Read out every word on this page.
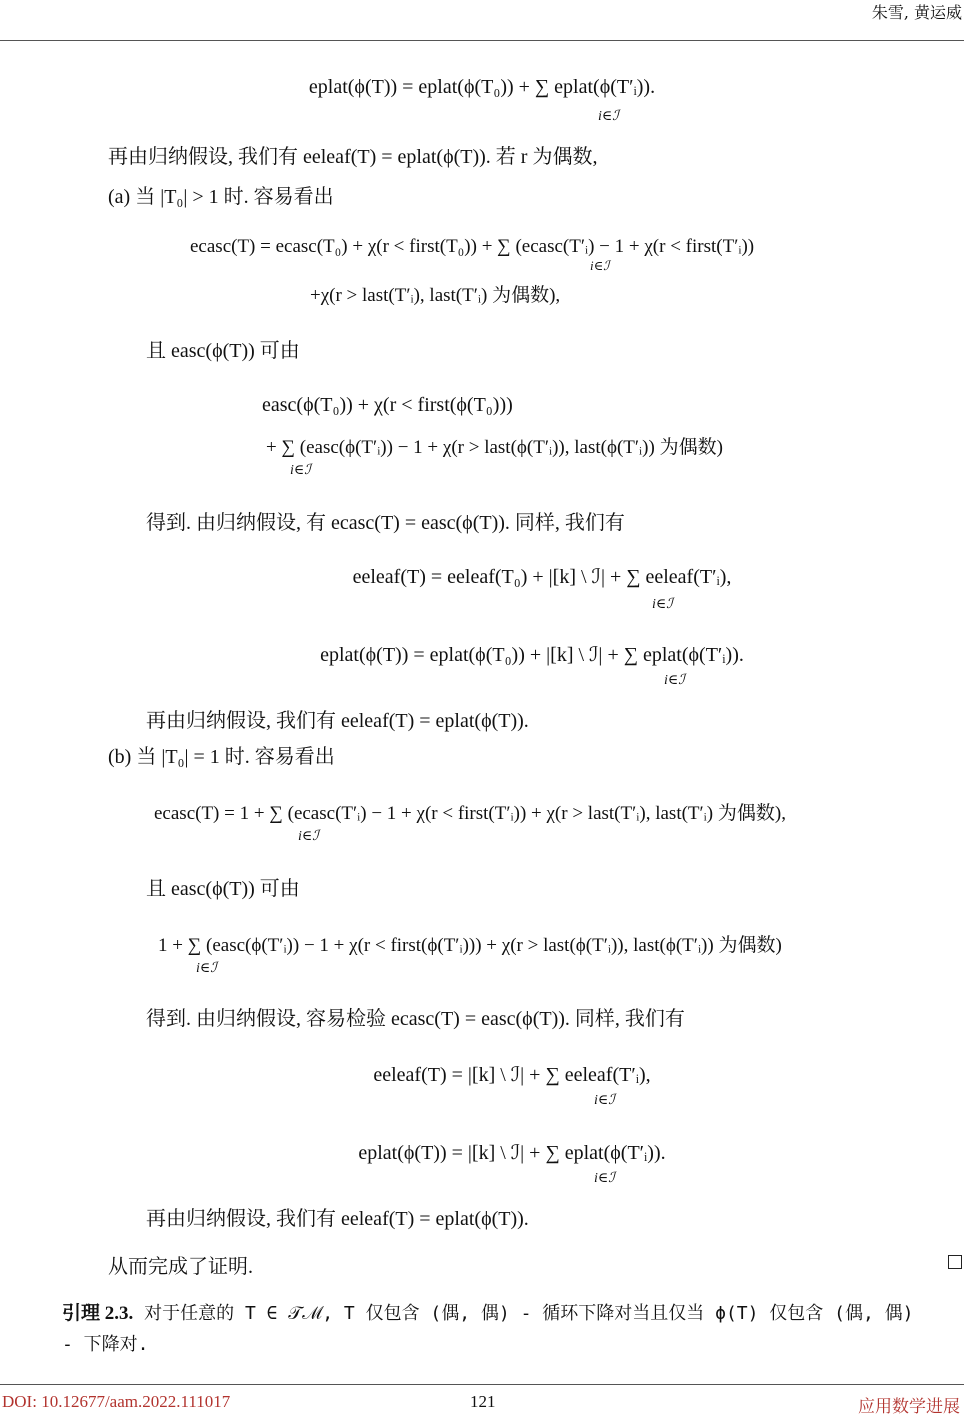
朱雪, 黄运威
eplat(ϕ(T)) = eplat(ϕ(T₀)) + ∑ eplat(ϕ(T′ᵢ)).
i∈ℐ
再由归纳假设, 我们有 eeleaf(T) = eplat(ϕ(T)). 若 r 为偶数,
(a) 当 |T₀| > 1 时. 容易看出
ecasc(T) = ecasc(T₀) + χ(r < first(T₀)) + ∑ (ecasc(T′ᵢ) − 1 + χ(r < first(T′ᵢ))
i∈ℐ
+χ(r > last(T′ᵢ), last(T′ᵢ) 为偶数),
且 easc(ϕ(T)) 可由
easc(ϕ(T₀)) + χ(r < first(ϕ(T₀)))
+ ∑ (easc(ϕ(T′ᵢ)) − 1 + χ(r > last(ϕ(T′ᵢ)), last(ϕ(T′ᵢ)) 为偶数)
i∈ℐ
得到. 由归纳假设, 有 ecasc(T) = easc(ϕ(T)). 同样, 我们有
eeleaf(T) = eeleaf(T₀) + |[k] \ ℐ| + ∑ eeleaf(T′ᵢ),
i∈ℐ
eplat(ϕ(T)) = eplat(ϕ(T₀)) + |[k] \ ℐ| + ∑ eplat(ϕ(T′ᵢ)).
i∈ℐ
再由归纳假设, 我们有 eeleaf(T) = eplat(ϕ(T)).
(b) 当 |T₀| = 1 时. 容易看出
ecasc(T) = 1 + ∑ (ecasc(T′ᵢ) − 1 + χ(r < first(T′ᵢ)) + χ(r > last(T′ᵢ), last(T′ᵢ) 为偶数),
i∈ℐ
且 easc(ϕ(T)) 可由
1 + ∑ (easc(ϕ(T′ᵢ)) − 1 + χ(r < first(ϕ(T′ᵢ))) + χ(r > last(ϕ(T′ᵢ)), last(ϕ(T′ᵢ)) 为偶数)
i∈ℐ
得到. 由归纳假设, 容易检验 ecasc(T) = easc(ϕ(T)). 同样, 我们有
eeleaf(T) = |[k] \ ℐ| + ∑ eeleaf(T′ᵢ),
i∈ℐ
eplat(ϕ(T)) = |[k] \ ℐ| + ∑ eplat(ϕ(T′ᵢ)).
i∈ℐ
再由归纳假设, 我们有 eeleaf(T) = eplat(ϕ(T)).
从而完成了证明.
引理 2.3. 对于任意的 T ∈ 𝒯ℳ, T 仅包含 (偶, 偶) - 循环下降对当且仅当 ϕ(T) 仅包含 (偶, 偶)
- 下降对.
DOI: 10.12677/aam.2022.111017	121	应用数学进展
